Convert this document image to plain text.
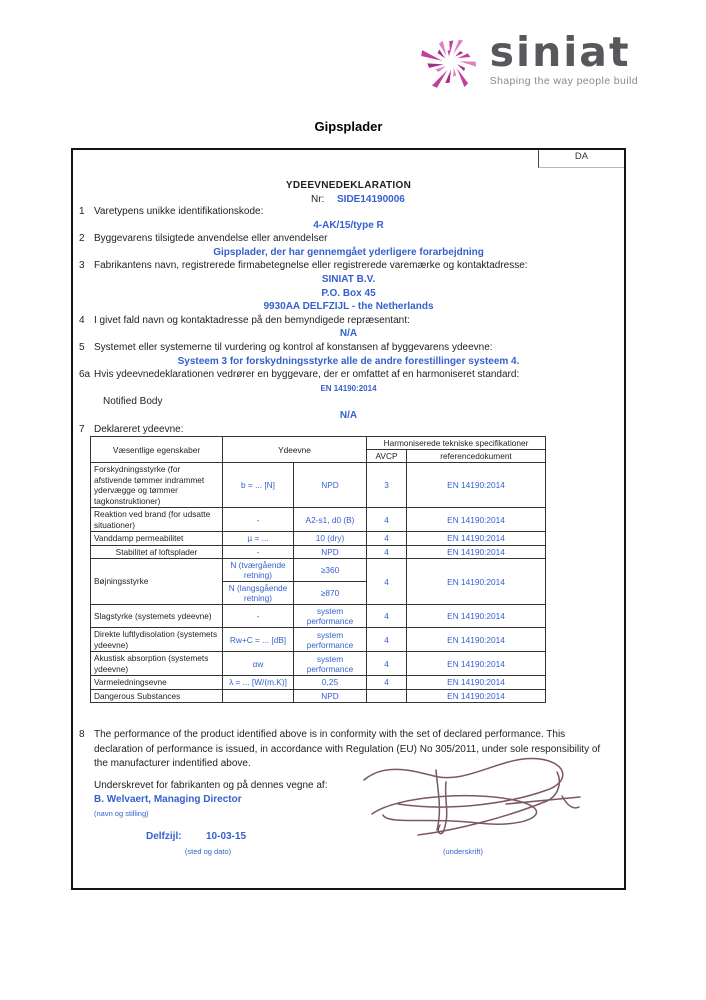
siniat
Shaping the way people build
Gipsplader
DA
YDEEVNEDEKLARATION
Nr: SIDE14190006
1 Varetypens unikke identifikationskode:
4-AK/15/type R
2 Byggevarens tilsigtede anvendelse eller anvendelser
Gipsplader, der har gennemgået yderligere forarbejdning
3 Fabrikantens navn, registrerede firmabetegnelse eller registrerede varemærke og kontaktadresse:
SINIAT B.V.
P.O. Box 45
9930AA DELFZIJL - the Netherlands
4 I givet fald navn og kontaktadresse på den bemyndigede repræsentant:
N/A
5 Systemet eller systemerne til vurdering og kontrol af konstansen af byggevarens ydeevne:
Systeem 3 for forskydningsstyrke alle de andre forestillinger systeem 4.
6a Hvis ydeevnedeklarationen vedrører en byggevare, der er omfattet af en harmoniseret standard:
EN 14190:2014
Notified Body
N/A
7 Deklareret ydeevne:
Væsentlige egenskaber	Ydeevne		Harmoniserede tekniske specifikationer	
			AVCP	referencedokument
Forskydningsstyrke (for afstivende tømmer indrammet ydervægge og tømmer tagkonstruktioner)	b = ... [N]	NPD	3	EN 14190:2014
Reaktion ved brand (for udsatte situationer)	-	A2-s1, d0 (B)	4	EN 14190:2014
Vanddamp permeabilitet	µ = ...	10 (dry)	4	EN 14190:2014
Stabilitet af loftsplader	-	NPD	4	EN 14190:2014
Bøjningsstyrke	N (tværgående retning)	≥360	4	EN 14190:2014
	N (langsgående retning)	≥870		
Slagstyrke (systemets ydeevne)	-	system performance	4	EN 14190:2014
Direkte luftlydisolation (systemets ydeevne)	Rw+C = ... [dB]	system performance	4	EN 14190:2014
Akustisk absorption (systemets ydeevne)	αw	system performance	4	EN 14190:2014
Varmeledningsevne	λ = ... [W/(m.K)]	0,25	4	EN 14190:2014
Dangerous Substances		NPD		EN 14190:2014
8 The performance of the product identified above is in conformity with the set of declared performance. This declaration of performance is issued, in accordance with Regulation (EU) No 305/2011, under sole responsibility of the manufacturer indentified above.
Underskrevet for fabrikanten og på dennes vegne af:
B. Welvaert, Managing Director
(navn og stilling)
Delfzijl: 10-03-15
(sted og dato)	(underskrift)
